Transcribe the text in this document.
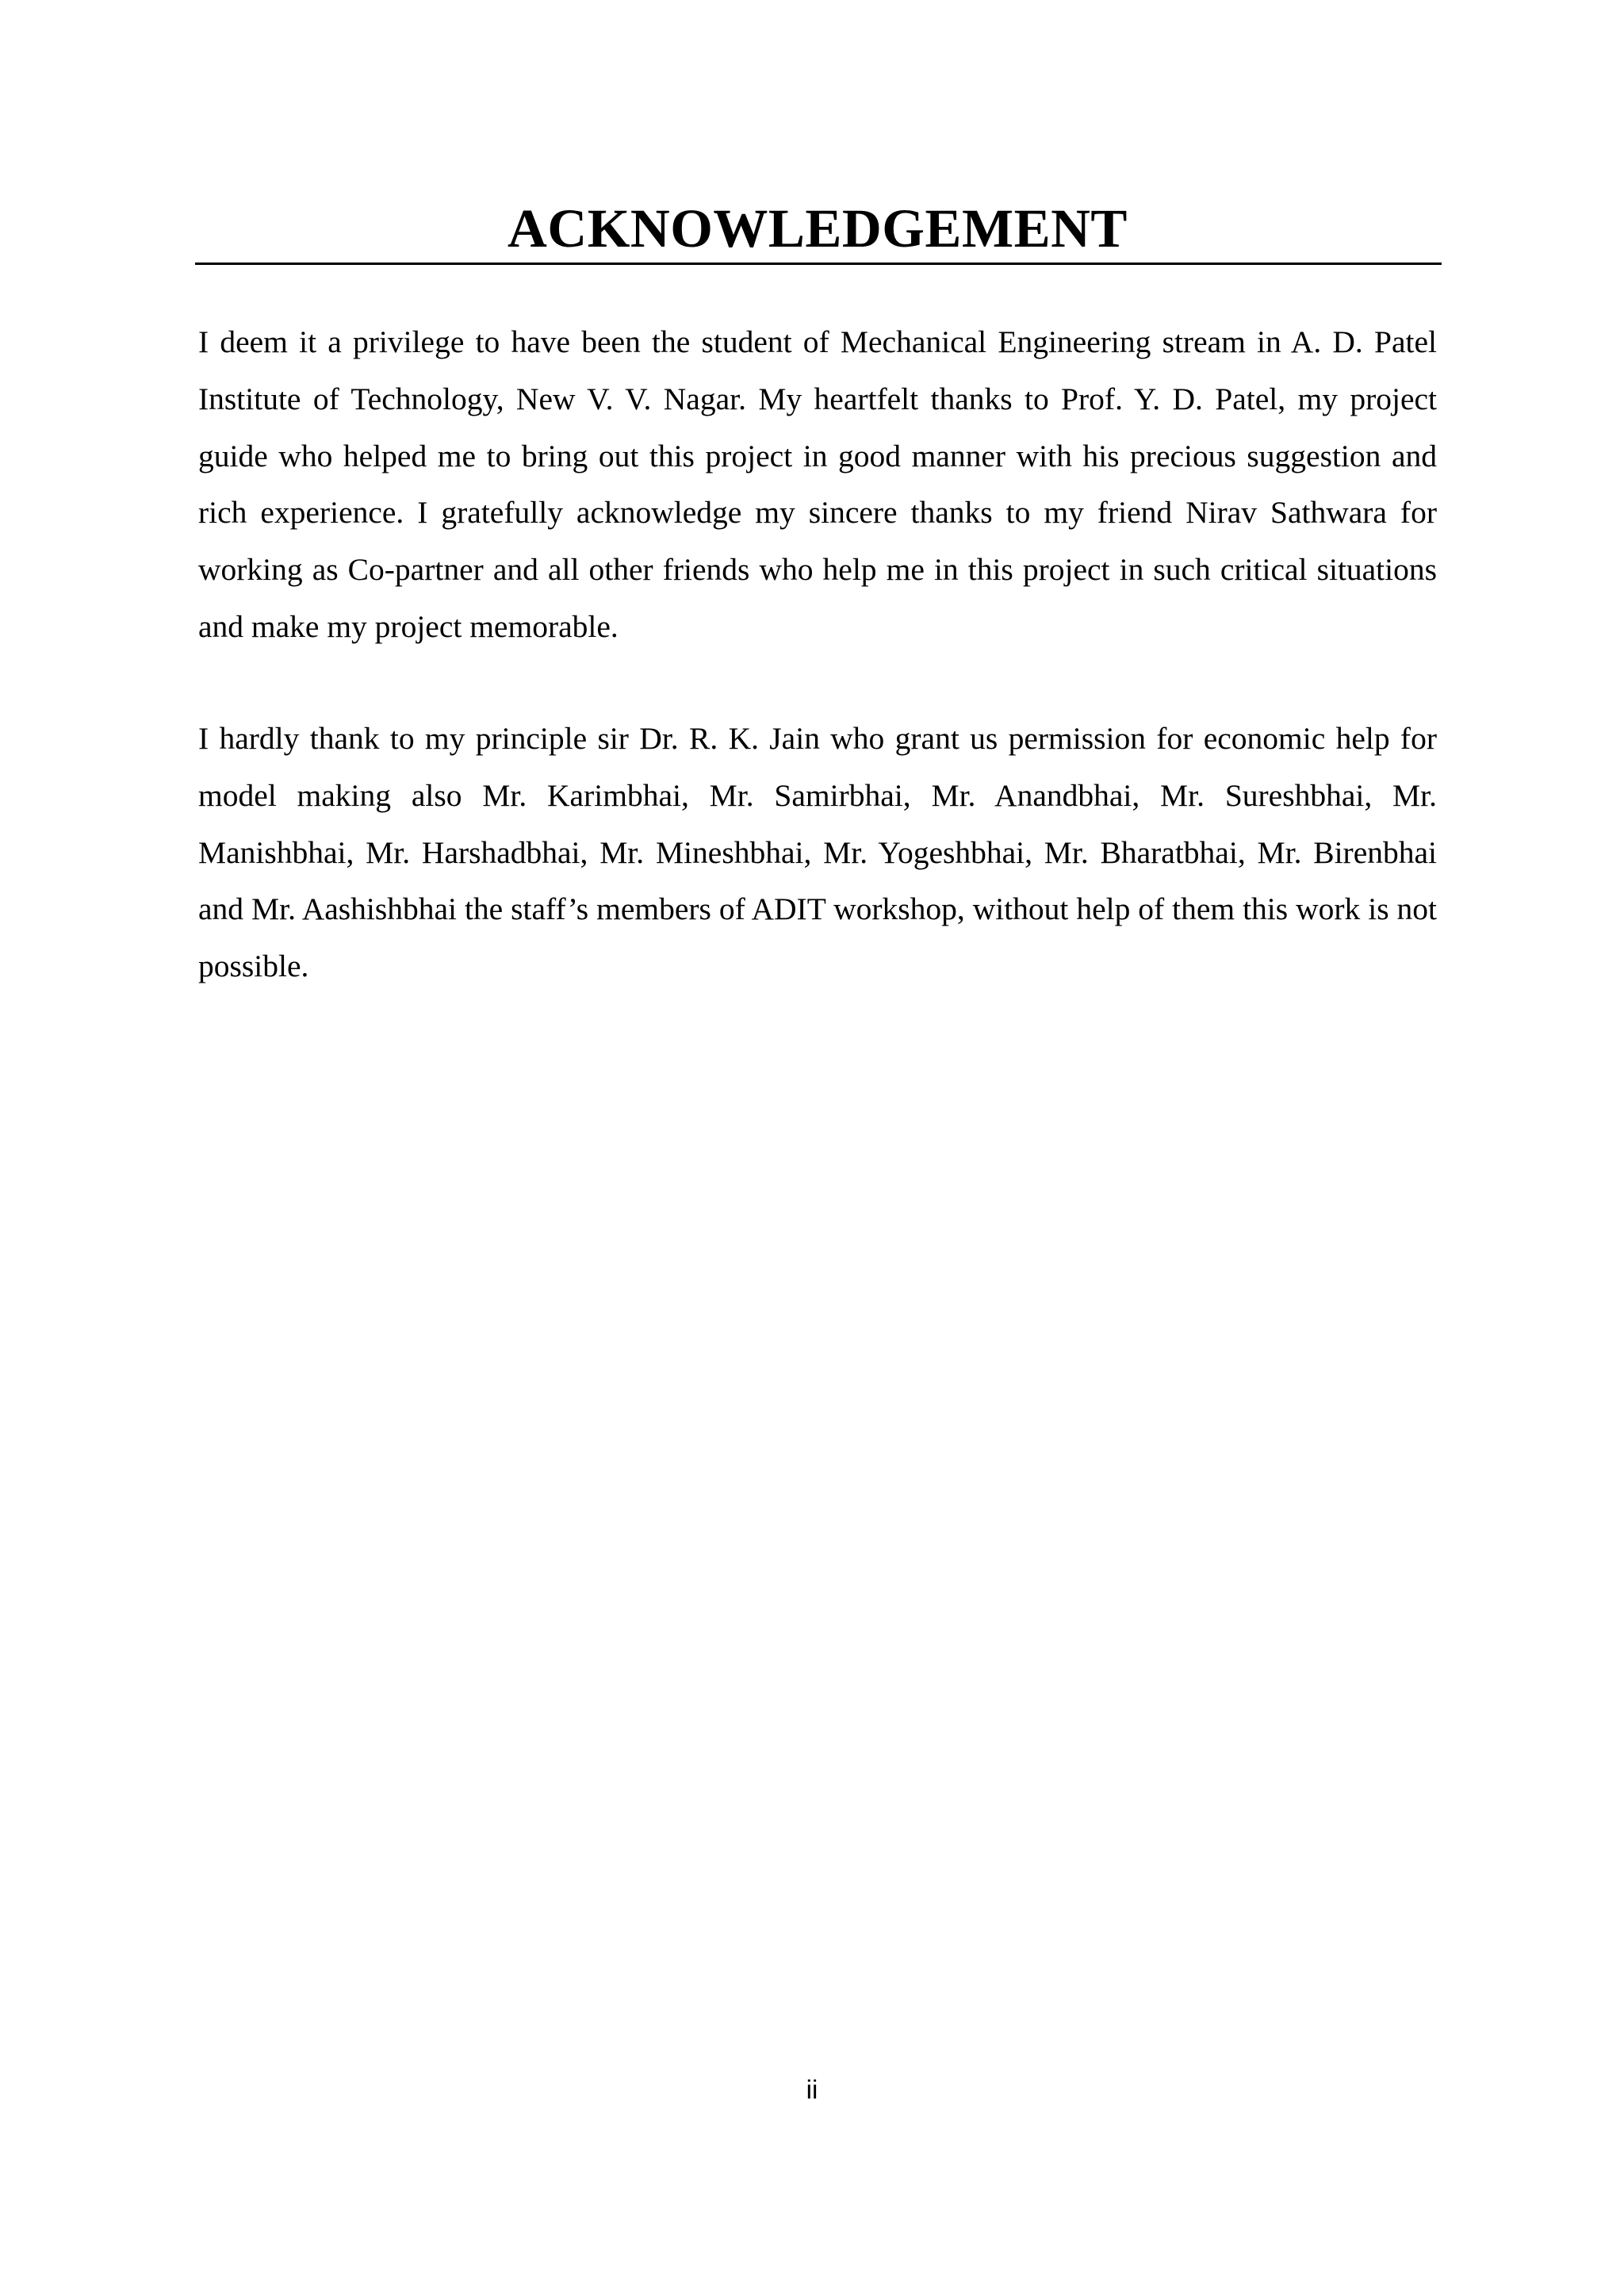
ACKNOWLEDGEMENT

I deem it a privilege to have been the student of Mechanical Engineering stream in A. D. Patel Institute of Technology, New V. V. Nagar. My heartfelt thanks to Prof. Y. D. Patel, my project guide who helped me to bring out this project in good manner with his precious suggestion and rich experience. I gratefully acknowledge my sincere thanks to my friend Nirav Sathwara for working as Co-partner and all other friends who help me in this project in such critical situations and make my project memorable.

I hardly thank to my principle sir Dr. R. K. Jain who grant us permission for economic help for model making also Mr. Karimbhai, Mr. Samirbhai, Mr. Anandbhai, Mr. Sureshbhai, Mr. Manishbhai, Mr. Harshadbhai, Mr. Mineshbhai, Mr. Yogeshbhai, Mr. Bharatbhai, Mr. Birenbhai and Mr. Aashishbhai the staff’s members of ADIT workshop, without help of them this work is not possible.

ii
